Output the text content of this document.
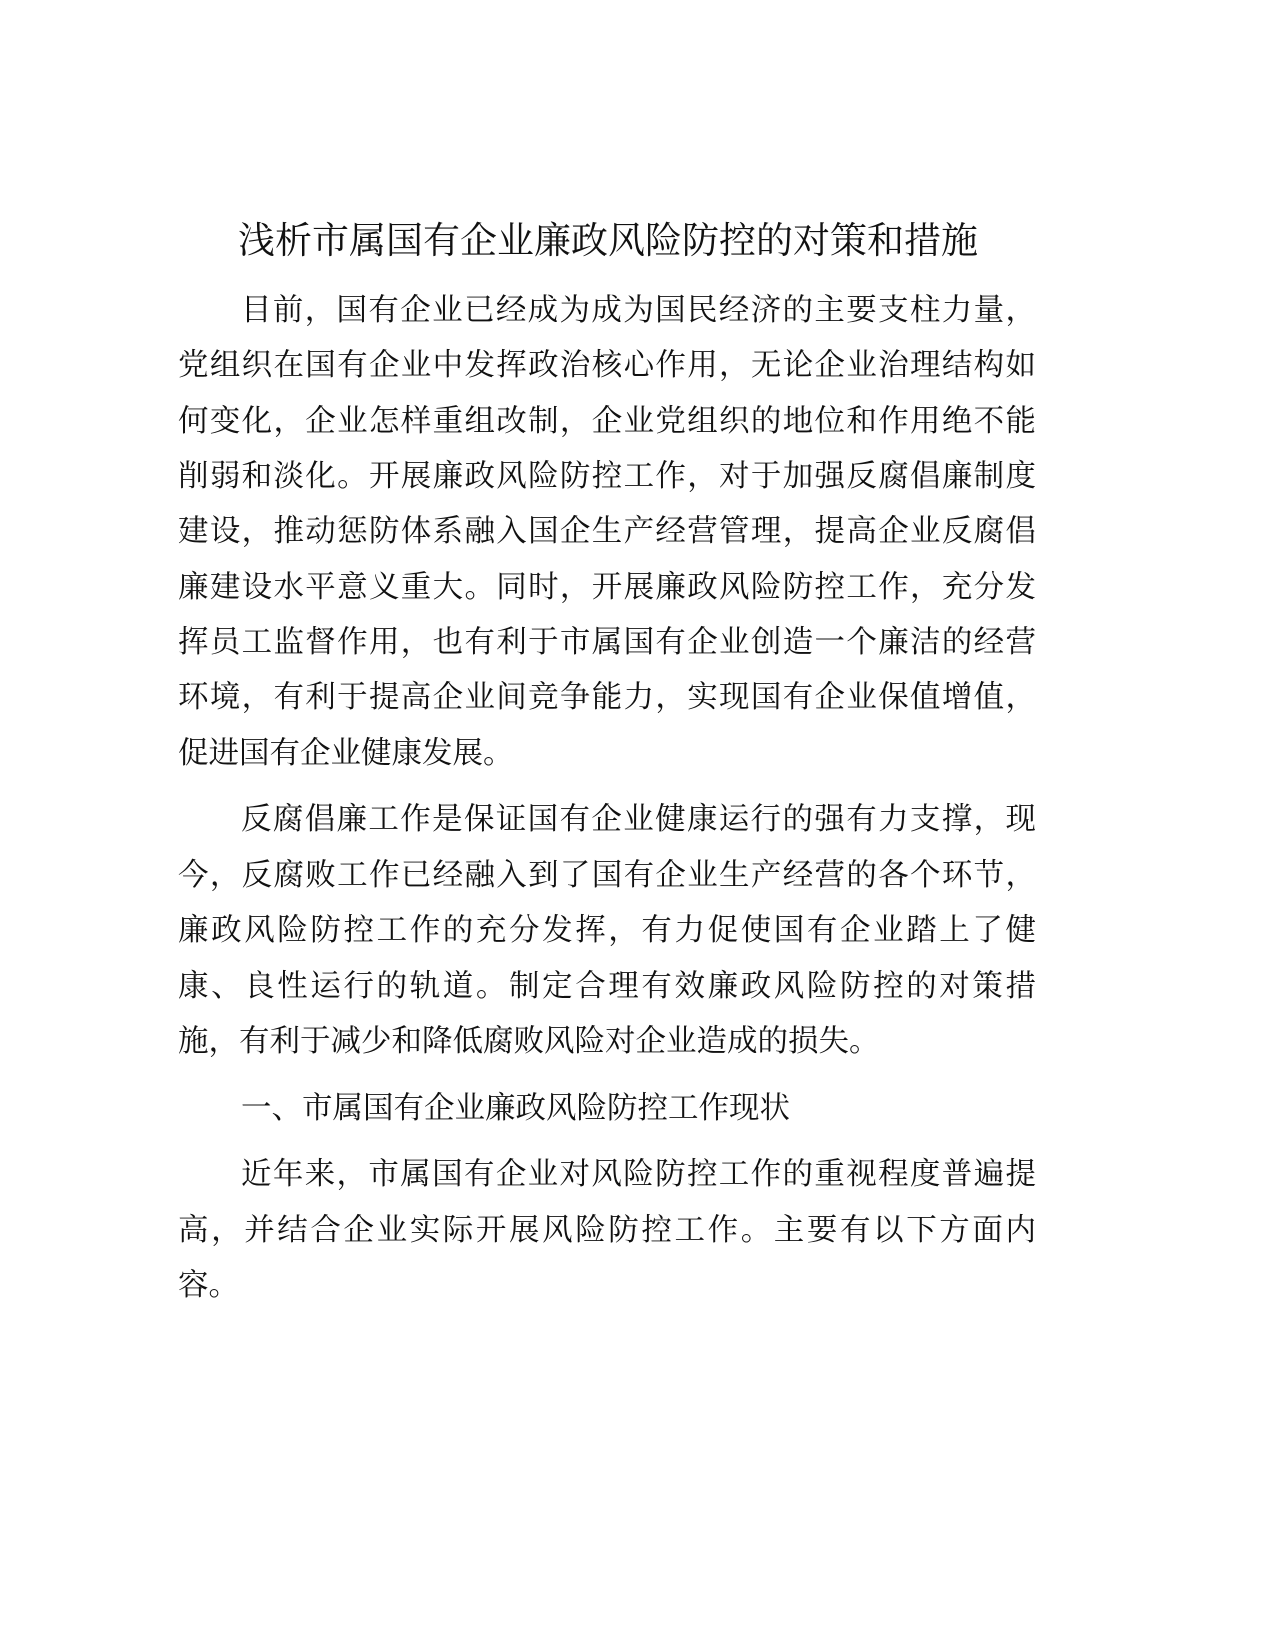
浅析市属国有企业廉政风险防控的对策和措施

目前，国有企业已经成为成为国民经济的主要支柱力量，

党组织在国有企业中发挥政治核心作用，无论企业治理结构如

何变化，企业怎样重组改制，企业党组织的地位和作用绝不能

削弱和淡化。开展廉政风险防控工作，对于加强反腐倡廉制度

建设，推动惩防体系融入国企生产经营管理，提高企业反腐倡

廉建设水平意义重大。同时，开展廉政风险防控工作，充分发

挥员工监督作用，也有利于市属国有企业创造一个廉洁的经营

环境，有利于提高企业间竞争能力，实现国有企业保值增值，

促进国有企业健康发展。

反腐倡廉工作是保证国有企业健康运行的强有力支撑，现

今，反腐败工作已经融入到了国有企业生产经营的各个环节，

廉政风险防控工作的充分发挥，有力促使国有企业踏上了健

康、良性运行的轨道。制定合理有效廉政风险防控的对策措

施，有利于减少和降低腐败风险对企业造成的损失。

一、市属国有企业廉政风险防控工作现状

近年来，市属国有企业对风险防控工作的重视程度普遍提

高，并结合企业实际开展风险防控工作。主要有以下方面内

容。
